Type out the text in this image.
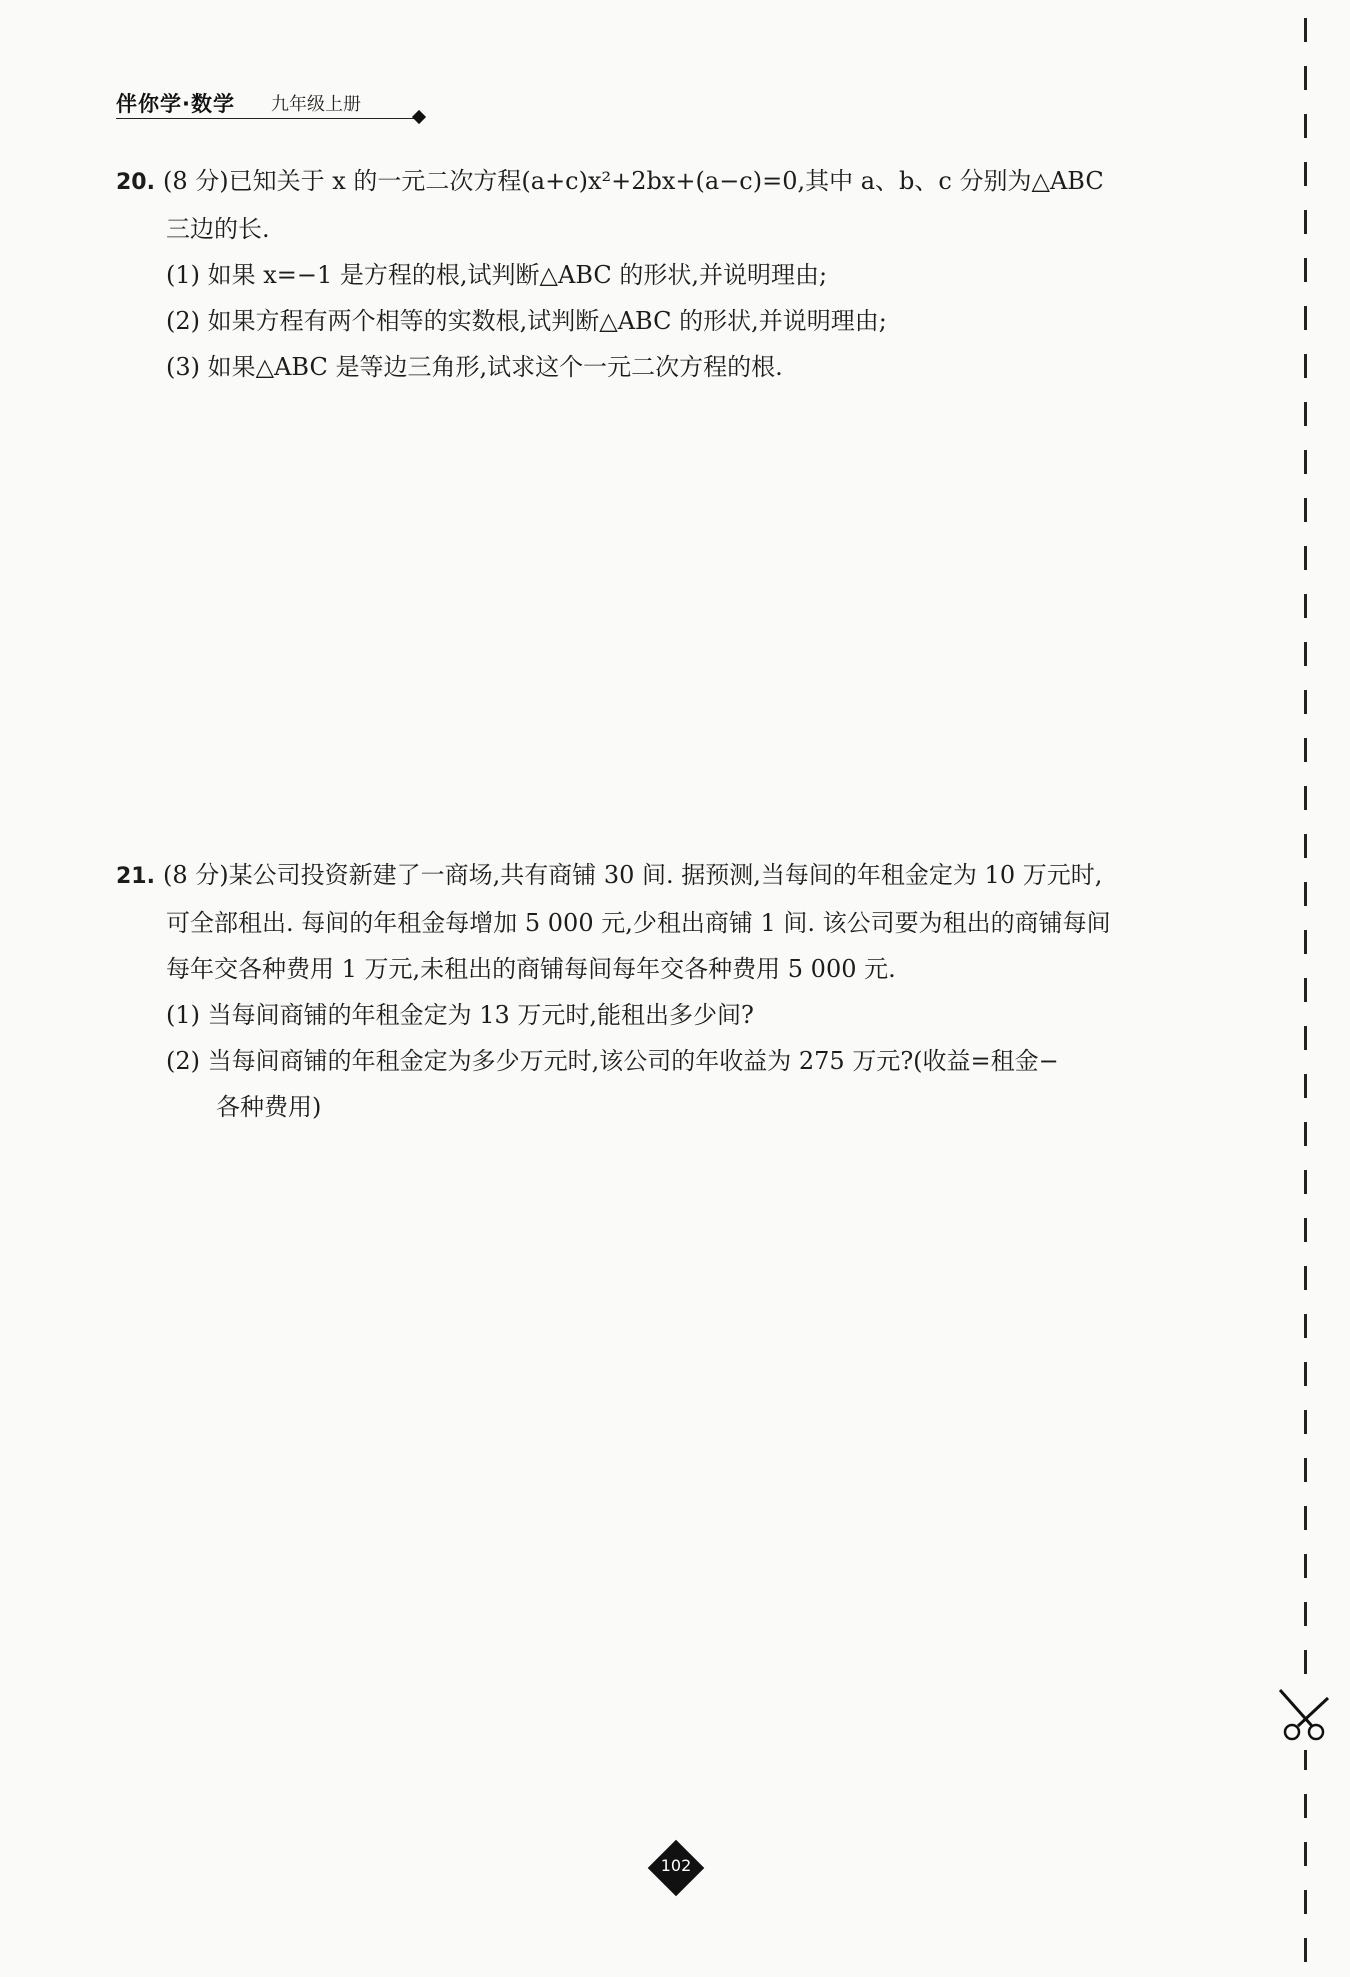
伴你学·数学 九年级上册
20. (8 分)已知关于 x 的一元二次方程(a+c)x²+2bx+(a−c)=0,其中 a、b、c 分别为△ABC
三边的长.
(1) 如果 x=−1 是方程的根,试判断△ABC 的形状,并说明理由;
(2) 如果方程有两个相等的实数根,试判断△ABC 的形状,并说明理由;
(3) 如果△ABC 是等边三角形,试求这个一元二次方程的根.
21. (8 分)某公司投资新建了一商场,共有商铺 30 间. 据预测,当每间的年租金定为 10 万元时,
可全部租出. 每间的年租金每增加 5 000 元,少租出商铺 1 间. 该公司要为租出的商铺每间
每年交各种费用 1 万元,未租出的商铺每间每年交各种费用 5 000 元.
(1) 当每间商铺的年租金定为 13 万元时,能租出多少间?
(2) 当每间商铺的年租金定为多少万元时,该公司的年收益为 275 万元?(收益=租金−
各种费用)
102
